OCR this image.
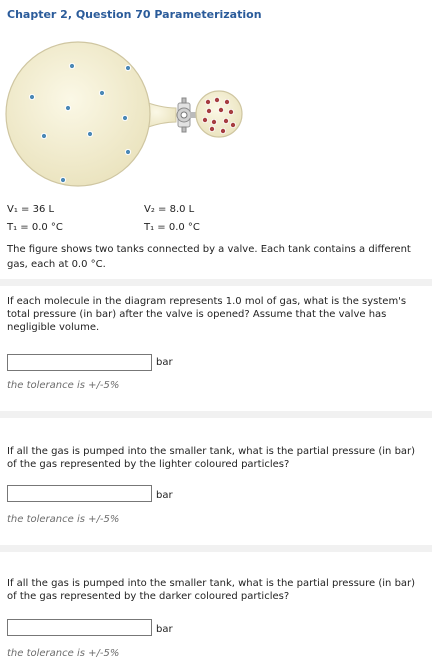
Chapter 2, Question 70 Parameterization
V₁ = 36 L
T₁ = 0.0 °C
V₂ = 8.0 L
T₁ = 0.0 °C
The figure shows two tanks connected by a valve. Each tank contains a different gas, each at 0.0 °C.
If each molecule in the diagram represents 1.0 mol of gas, what is the system's total pressure (in bar) after the valve is opened? Assume that the valve has negligible volume.
bar
the tolerance is +/-5%
If all the gas is pumped into the smaller tank, what is the partial pressure (in bar) of the gas represented by the lighter coloured particles?
bar
the tolerance is +/-5%
If all the gas is pumped into the smaller tank, what is the partial pressure (in bar) of the gas represented by the darker coloured particles?
bar
the tolerance is +/-5%
